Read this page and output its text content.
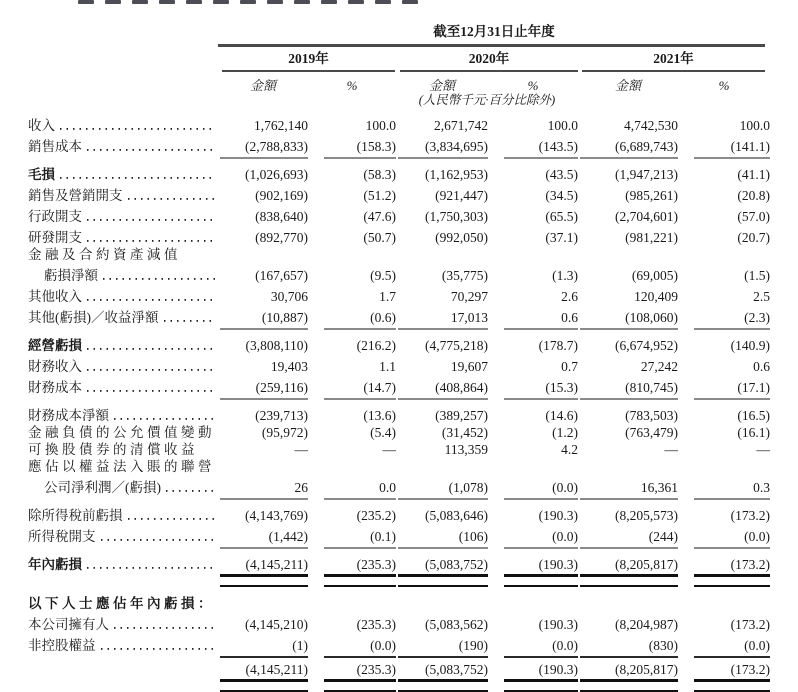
截至12月31日止年度
2019年	2020年	2021年
金額	%	金額	%	金額	%
(人民幣千元·百分比除外)
收入	1,762,140	100.0	2,671,742	100.0	4,742,530	100.0
銷售成本	(2,788,833)	(158.3)	(3,834,695)	(143.5)	(6,689,743)	(141.1)
毛損	(1,026,693)	(58.3)	(1,162,953)	(43.5)	(1,947,213)	(41.1)
銷售及營銷開支	(902,169)	(51.2)	(921,447)	(34.5)	(985,261)	(20.8)
行政開支	(838,640)	(47.6)	(1,750,303)	(65.5)	(2,704,601)	(57.0)
研發開支	(892,770)	(50.7)	(992,050)	(37.1)	(981,221)	(20.7)
金融及合約資產減值
虧損淨額	(167,657)	(9.5)	(35,775)	(1.3)	(69,005)	(1.5)
其他收入	30,706	1.7	70,297	2.6	120,409	2.5
其他(虧損)／收益淨額	(10,887)	(0.6)	17,013	0.6	(108,060)	(2.3)
經營虧損	(3,808,110)	(216.2)	(4,775,218)	(178.7)	(6,674,952)	(140.9)
財務收入	19,403	1.1	19,607	0.7	27,242	0.6
財務成本	(259,116)	(14.7)	(408,864)	(15.3)	(810,745)	(17.1)
財務成本淨額	(239,713)	(13.6)	(389,257)	(14.6)	(783,503)	(16.5)
金融負債的公允價值變動	(95,972)	(5.4)	(31,452)	(1.2)	(763,479)	(16.1)
可換股債券的清償收益	—	—	113,359	4.2	—	—
應佔以權益法入賬的聯營
公司淨利潤／(虧損)	26	0.0	(1,078)	(0.0)	16,361	0.3
除所得稅前虧損	(4,143,769)	(235.2)	(5,083,646)	(190.3)	(8,205,573)	(173.2)
所得稅開支	(1,442)	(0.1)	(106)	(0.0)	(244)	(0.0)
年內虧損	(4,145,211)	(235.3)	(5,083,752)	(190.3)	(8,205,817)	(173.2)
以下人士應佔年內虧損：
本公司擁有人	(4,145,210)	(235.3)	(5,083,562)	(190.3)	(8,204,987)	(173.2)
非控股權益	(1)	(0.0)	(190)	(0.0)	(830)	(0.0)
(4,145,211)	(235.3)	(5,083,752)	(190.3)	(8,205,817)	(173.2)
